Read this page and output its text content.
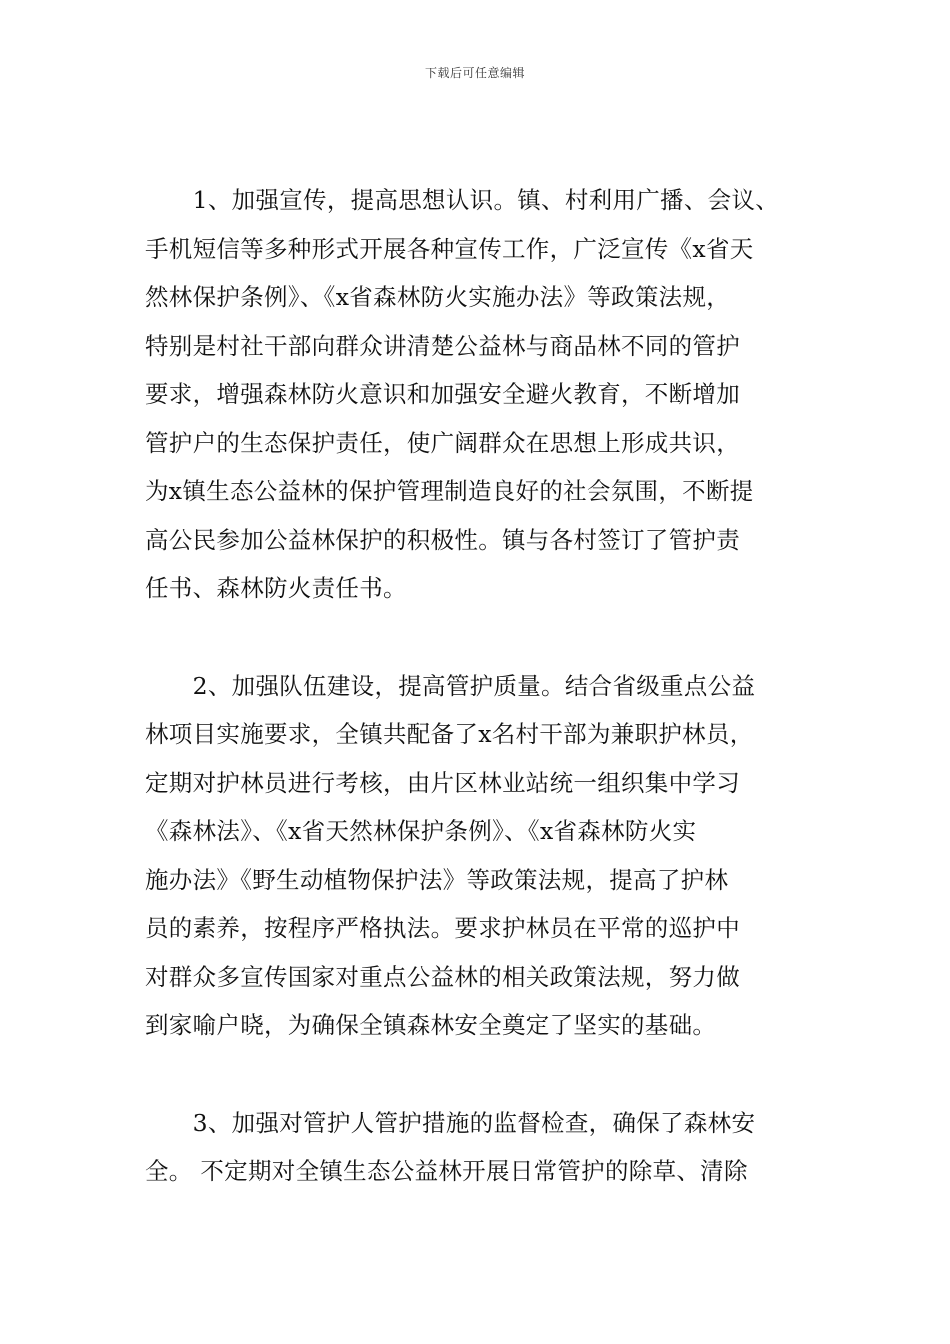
下载后可任意编辑
　　1、加强宣传，提高思想认识。镇、村利用广播、会议、
手机短信等多种形式开展各种宣传工作，广泛宣传《x省天
然林保护条例》、《x省森林防火实施办法》等政策法规，
特别是村社干部向群众讲清楚公益林与商品林不同的管护
要求，增强森林防火意识和加强安全避火教育，不断增加
管护户的生态保护责任，使广阔群众在思想上形成共识，
为x镇生态公益林的保护管理制造良好的社会氛围，不断提
高公民参加公益林保护的积极性。镇与各村签订了管护责
任书、森林防火责任书。
　　2、加强队伍建设，提高管护质量。结合省级重点公益
林项目实施要求，全镇共配备了x名村干部为兼职护林员，
定期对护林员进行考核，由片区林业站统一组织集中学习
《森林法》、《x省天然林保护条例》、《x省森林防火实
施办法》《野生动植物保护法》等政策法规，提高了护林
员的素养，按程序严格执法。要求护林员在平常的巡护中
对群众多宣传国家对重点公益林的相关政策法规，努力做
到家喻户晓，为确保全镇森林安全奠定了坚实的基础。
　　3、加强对管护人管护措施的监督检查，确保了森林安
全。 不定期对全镇生态公益林开展日常管护的除草、清除
